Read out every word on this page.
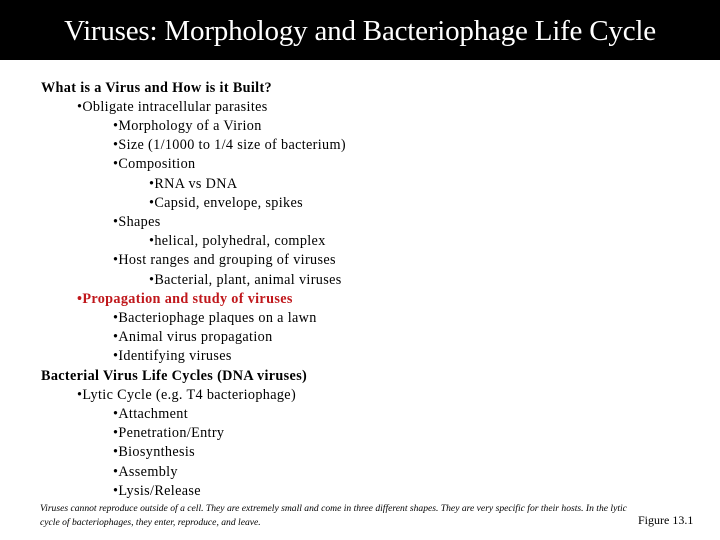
Viruses: Morphology and Bacteriophage Life Cycle
What is a Virus and How is it Built?
•Obligate intracellular parasites
•Morphology of a Virion
•Size (1/1000 to 1/4 size of bacterium)
•Composition
•RNA vs DNA
•Capsid, envelope, spikes
•Shapes
•helical, polyhedral, complex
•Host ranges and grouping of viruses
•Bacterial, plant, animal viruses
•Propagation and study of viruses
•Bacteriophage plaques on a lawn
•Animal virus propagation
•Identifying viruses
Bacterial Virus Life Cycles (DNA viruses)
•Lytic Cycle (e.g. T4 bacteriophage)
•Attachment
•Penetration/Entry
•Biosynthesis
•Assembly
•Lysis/Release
Viruses cannot reproduce outside of a cell. They are extremely small and come in three different shapes. They are very specific for their hosts. In the lytic cycle of bacteriophages, they enter, reproduce, and leave.	Figure 13.1
